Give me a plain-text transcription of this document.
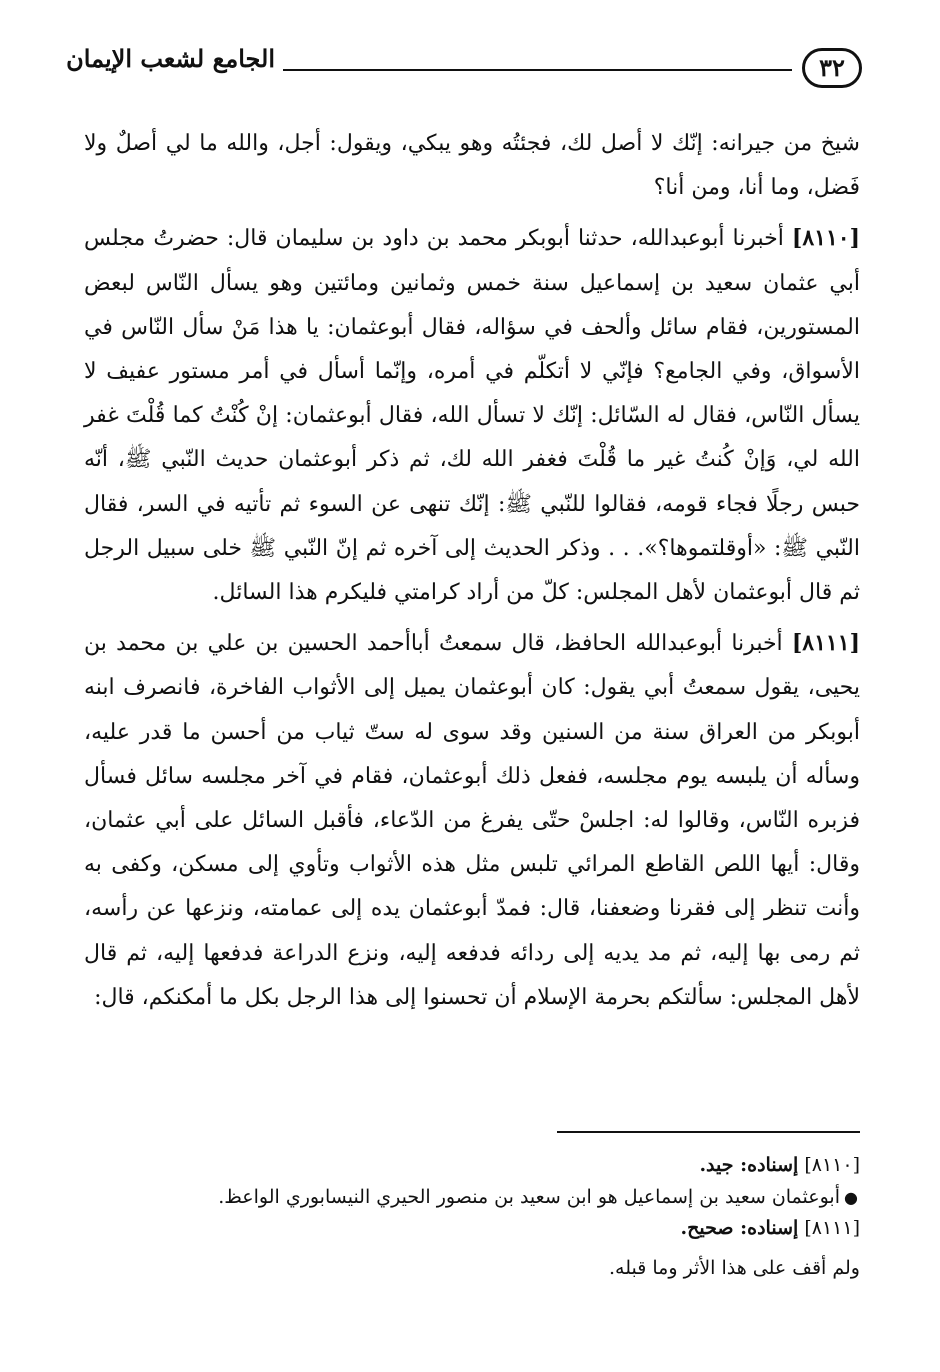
٣٢
الجامع لشعب الإيمان

شيخ من جيرانه: إنّك لا أصل لك، فجئتُه وهو يبكي، ويقول: أجل، والله ما لي أصلٌ ولا فَضل، وما أنا، ومن أنا؟

[٨١١٠] أخبرنا أبوعبدالله، حدثنا أبوبكر محمد بن داود بن سليمان قال: حضرتُ مجلس أبي عثمان سعيد بن إسماعيل سنة خمس وثمانين ومائتين وهو يسأل النّاس لبعض المستورين، فقام سائل وألحف في سؤاله، فقال أبوعثمان: يا هذا مَنْ سأل النّاس في الأسواق، وفي الجامع؟ فإنّي لا أتكلّم في أمره، وإنّما أسأل في أمر مستور عفيف لا يسأل النّاس، فقال له السّائل: إنّك لا تسأل الله، فقال أبوعثمان: إنْ كُنْتُ كما قُلْتَ غفر الله لي، وَإنْ كُنتُ غير ما قُلْتَ فغفر الله لك، ثم ذكر أبوعثمان حديث النّبي ﷺ، أنّه حبس رجلًا فجاء قومه، فقالوا للنّبي ﷺ: إنّك تنهى عن السوء ثم تأتيه في السر، فقال النّبي ﷺ: «أوقلتموها؟». . . وذكر الحديث إلى آخره ثم إنّ النّبي ﷺ خلى سبيل الرجل ثم قال أبوعثمان لأهل المجلس: كلّ من أراد كرامتي فليكرم هذا السائل.

[٨١١١] أخبرنا أبوعبدالله الحافظ، قال سمعتُ أباأحمد الحسين بن علي بن محمد بن يحيى، يقول سمعتُ أبي يقول: كان أبوعثمان يميل إلى الأثواب الفاخرة، فانصرف ابنه أبوبكر من العراق سنة من السنين وقد سوى له ستّ ثياب من أحسن ما قدر عليه، وسأله أن يلبسه يوم مجلسه، ففعل ذلك أبوعثمان، فقام في آخر مجلسه سائل فسأل فزبره النّاس، وقالوا له: اجلسْ حتّى يفرغ من الدّعاء، فأقبل السائل على أبي عثمان، وقال: أيها اللص القاطع المرائي تلبس مثل هذه الأثواب وتأوي إلى مسكن، وكفى به وأنت تنظر إلى فقرنا وضعفنا، قال: فمدّ أبوعثمان يده إلى عمامته، ونزعها عن رأسه، ثم رمى بها إليه، ثم مد يديه إلى ردائه فدفعه إليه، ونزع الدراعة فدفعها إليه، ثم قال لأهل المجلس: سألتكم بحرمة الإسلام أن تحسنوا إلى هذا الرجل بكل ما أمكنكم، قال:

[٨١١٠] إسناده: جيد.

●
أبوعثمان سعيد بن إسماعيل هو ابن سعيد بن منصور الحيري النيسابوري الواعظ.

[٨١١١] إسناده: صحيح.

ولم أقف على هذا الأثر وما قبله.
